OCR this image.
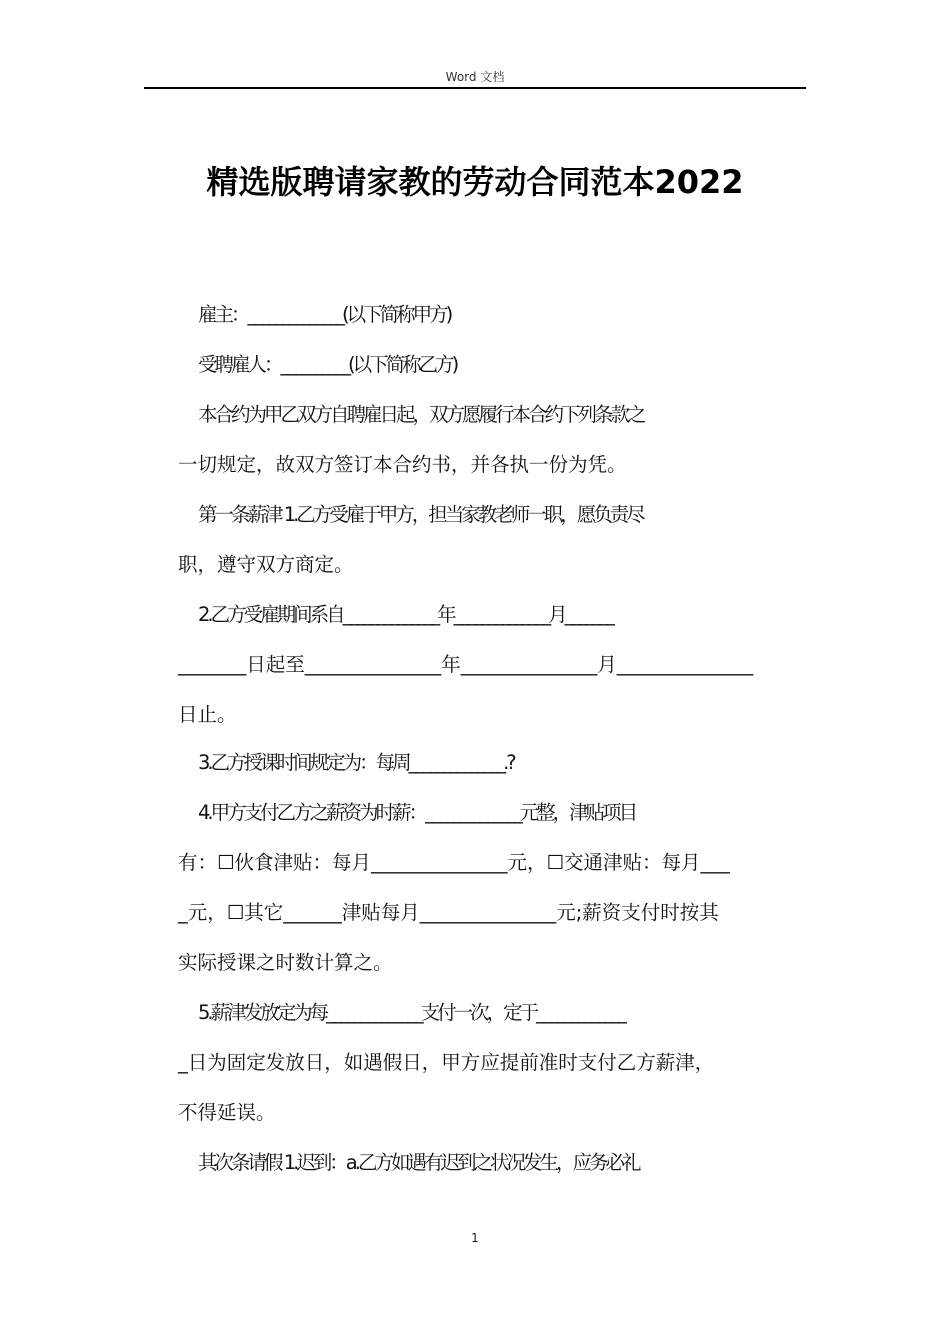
Word 文档
精选版聘请家教的劳动合同范本2022
雇主：______________(以下简称甲方)
受聘雇人：__________(以下简称乙方)
本合约为甲乙双方自聘雇日起，双方愿履行本合约下列条款之
一切规定，故双方签订本合约书，并各执一份为凭。
第一条薪津 1.乙方受雇于甲方，担当家教老师一职，愿负责尽
职，遵守双方商定。
2.乙方受雇期间系自______________年______________月_______
_______日起至______________年______________月______________
日止。
3.乙方授课时间规定为：每周______________.?
4.甲方支付乙方之薪资为时薪：______________元整，津贴项目
有：☐伙食津贴：每月______________元，☐交通津贴：每月___
_元，☐其它______津贴每月______________元;薪资支付时按其
实际授课之时数计算之。
5.薪津发放定为每______________支付一次，定于_____________
_日为固定发放日，如遇假日，甲方应提前准时支付乙方薪津，
不得延误。
其次条请假 1.迟到：a.乙方如遇有迟到之状况发生，应务必礼
1
